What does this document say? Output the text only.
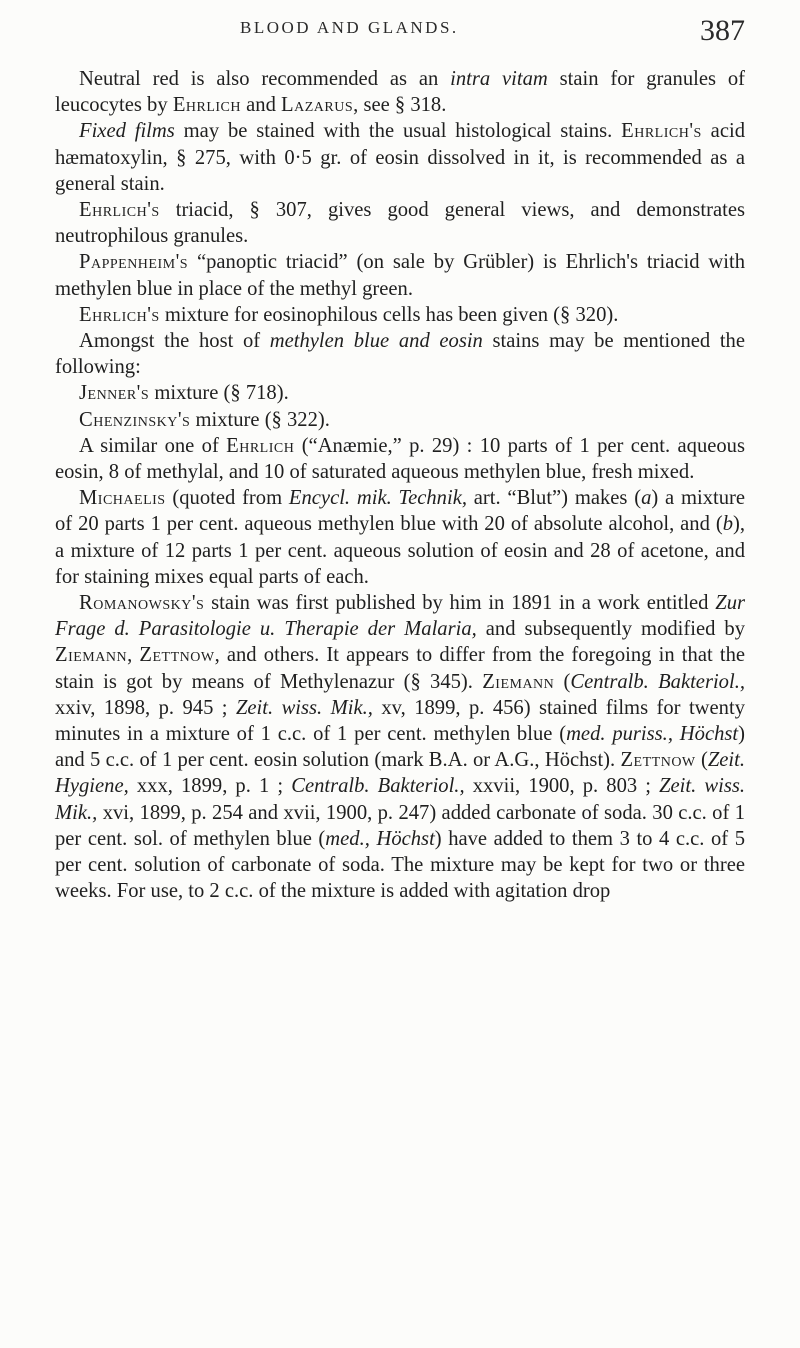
BLOOD AND GLANDS.	387

Neutral red is also recommended as an intra vitam stain for granules of leucocytes by Ehrlich and Lazarus, see § 318.

Fixed films may be stained with the usual histological stains. Ehrlich's acid hæmatoxylin, § 275, with 0·5 gr. of eosin dissolved in it, is recommended as a general stain.

Ehrlich's triacid, § 307, gives good general views, and demonstrates neutrophilous granules.

Pappenheim's “panoptic triacid” (on sale by Grübler) is Ehrlich's triacid with methylen blue in place of the methyl green.

Ehrlich's mixture for eosinophilous cells has been given (§ 320).

Amongst the host of methylen blue and eosin stains may be mentioned the following:

Jenner's mixture (§ 718).

Chenzinsky's mixture (§ 322).

A similar one of Ehrlich (“Anæmie,” p. 29) : 10 parts of 1 per cent. aqueous eosin, 8 of methylal, and 10 of saturated aqueous methylen blue, fresh mixed.

Michaelis (quoted from Encycl. mik. Technik, art. “Blut”) makes (a) a mixture of 20 parts 1 per cent. aqueous methylen blue with 20 of absolute alcohol, and (b), a mixture of 12 parts 1 per cent. aqueous solution of eosin and 28 of acetone, and for staining mixes equal parts of each.

Romanowsky's stain was first published by him in 1891 in a work entitled Zur Frage d. Parasitologie u. Therapie der Malaria, and subsequently modified by Ziemann, Zettnow, and others. It appears to differ from the foregoing in that the stain is got by means of Methylenazur (§ 345). Ziemann (Centralb. Bakteriol., xxiv, 1898, p. 945 ; Zeit. wiss. Mik., xv, 1899, p. 456) stained films for twenty minutes in a mixture of 1 c.c. of 1 per cent. methylen blue (med. puriss., Höchst) and 5 c.c. of 1 per cent. eosin solution (mark B.A. or A.G., Höchst). Zettnow (Zeit. Hygiene, xxx, 1899, p. 1 ; Centralb. Bakteriol., xxvii, 1900, p. 803 ; Zeit. wiss. Mik., xvi, 1899, p. 254 and xvii, 1900, p. 247) added carbonate of soda. 30 c.c. of 1 per cent. sol. of methylen blue (med., Höchst) have added to them 3 to 4 c.c. of 5 per cent. solution of carbonate of soda. The mixture may be kept for two or three weeks. For use, to 2 c.c. of the mixture is added with agitation drop
